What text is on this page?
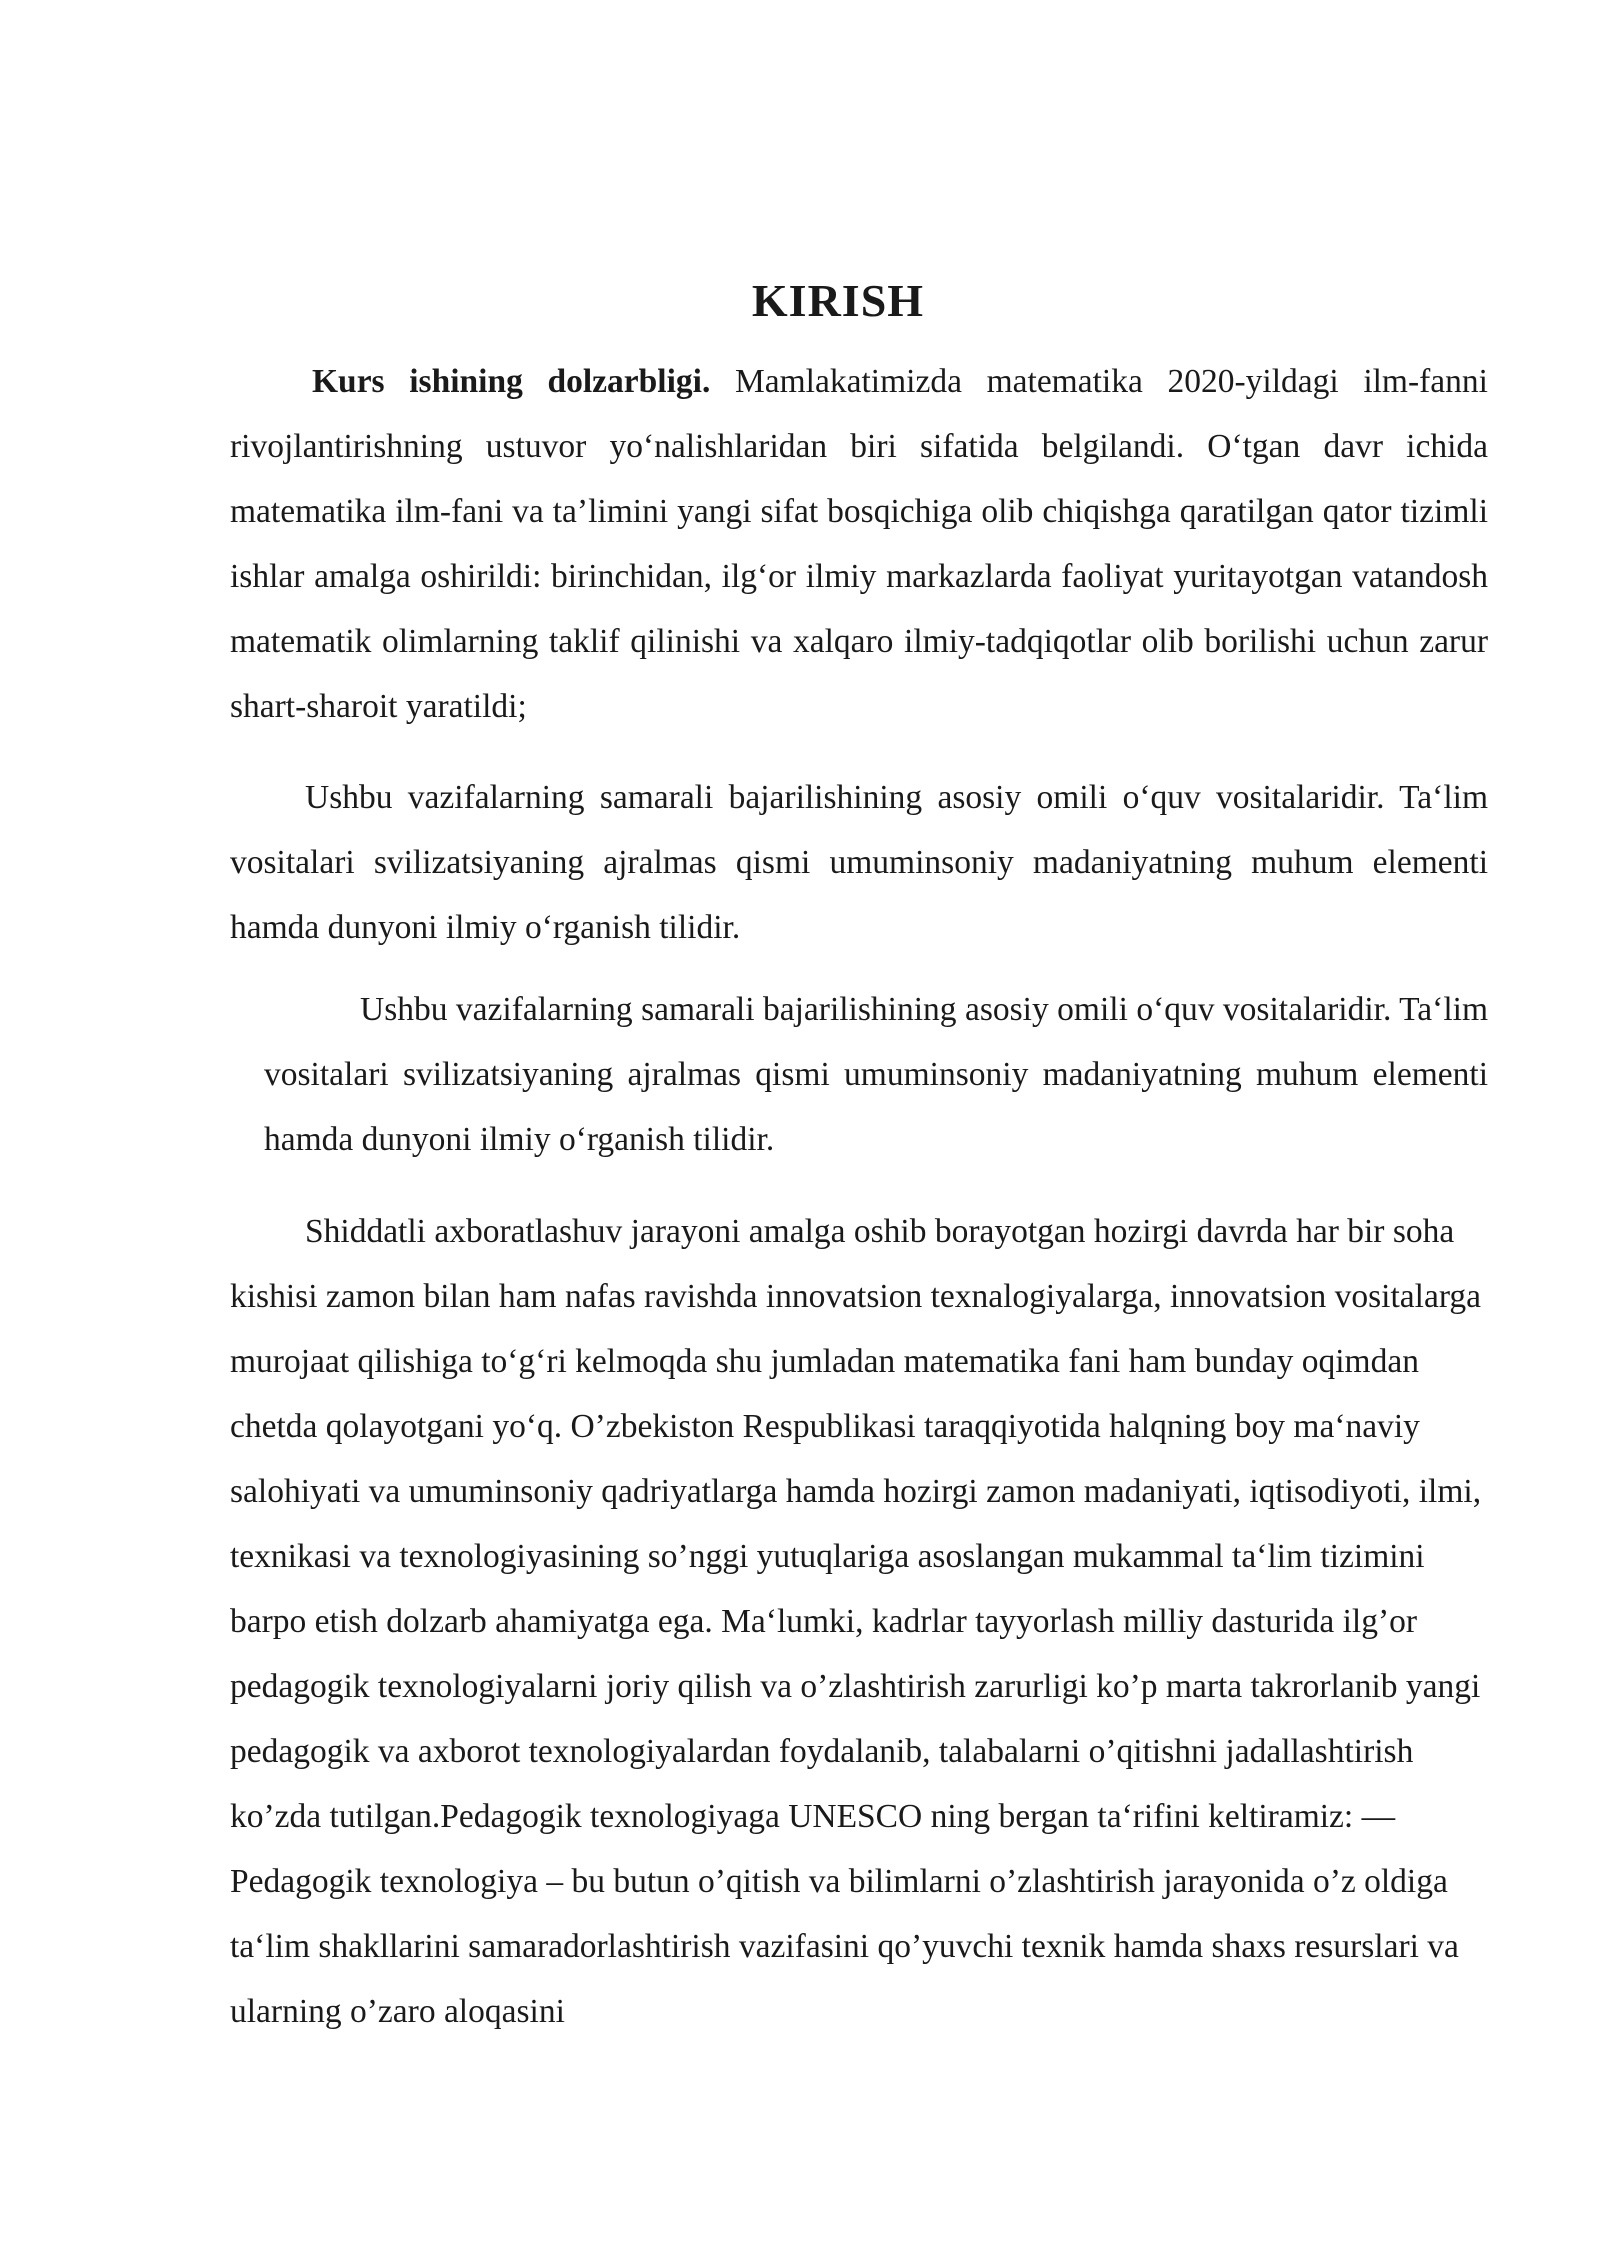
KIRISH

Kurs ishining dolzarbligi. Mamlakatimizda matematika 2020-yildagi ilm-fanni rivojlantirishning ustuvor yoʻnalishlaridan biri sifatida belgilandi. Oʻtgan davr ichida matematika ilm-fani va ta’limini yangi sifat bosqichiga olib chiqishga qaratilgan qator tizimli ishlar amalga oshirildi: birinchidan, ilgʻor ilmiy markazlarda faoliyat yuritayotgan vatandosh matematik olimlarning taklif qilinishi va xalqaro ilmiy-tadqiqotlar olib borilishi uchun zarur shart-sharoit yaratildi;

Ushbu vazifalarning samarali bajarilishining asosiy omili oʻquv vositalaridir. Taʻlim vositalari svilizatsiyaning ajralmas qismi umuminsoniy madaniyatning muhum elementi hamda dunyoni ilmiy oʻrganish tilidir.

Ushbu vazifalarning samarali bajarilishining asosiy omili oʻquv vositalaridir. Taʻlim vositalari svilizatsiyaning ajralmas qismi umuminsoniy madaniyatning muhum elementi hamda dunyoni ilmiy oʻrganish tilidir.

Shiddatli axboratlashuv jarayoni amalga oshib borayotgan hozirgi davrda har bir soha kishisi zamon bilan ham nafas ravishda innovatsion texnalogiyalarga, innovatsion vositalarga murojaat qilishiga toʻgʻri kelmoqda shu jumladan matematika fani ham bunday oqimdan chetda qolayotgani yoʻq. O’zbekiston Respublikasi taraqqiyotida halqning boy maʻnaviy salohiyati va umuminsoniy qadriyatlarga hamda hozirgi zamon madaniyati, iqtisodiyoti, ilmi, texnikasi va texnologiyasining so’nggi yutuqlariga asoslangan mukammal taʻlim tizimini barpo etish dolzarb ahamiyatga ega. Maʻlumki, kadrlar tayyorlash milliy dasturida ilg’or pedagogik texnologiyalarni joriy qilish va o’zlashtirish zarurligi ko’p marta takrorlanib yangi pedagogik va axborot texnologiyalardan foydalanib, talabalarni o’qitishni jadallashtirish ko’zda tutilgan.Pedagogik texnologiyaga UNESCO ning bergan taʻrifini keltiramiz: —Pedagogik texnologiya – bu butun o’qitish va bilimlarni o’zlashtirish jarayonida o’z oldiga taʻlim shakllarini samaradorlashtirish vazifasini qo’yuvchi texnik hamda shaxs resurslari va ularning o’zaro aloqasini
